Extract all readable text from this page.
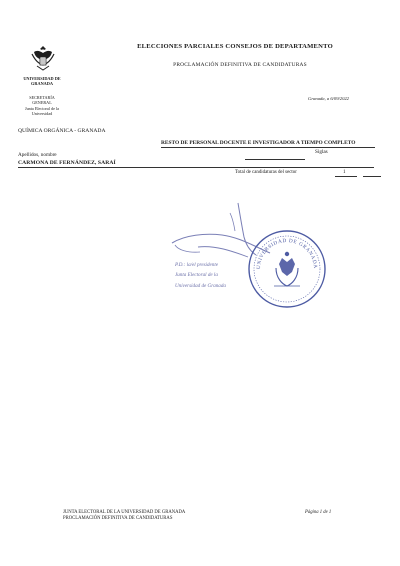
ELECCIONES PARCIALES CONSEJOS DE DEPARTAMENTO
PROCLAMACIÓN DEFINITIVA DE CANDIDATURAS
UNIVERSIDAD DE GRANADA
SECRETARÍA
GENERAL
Junta Electoral de la
Universidad
Granada, a 6/09/2022
QUÍMICA ORGÁNICA - GRANADA
RESTO DE PERSONAL DOCENTE E INVESTIGADOR A TIEMPO COMPLETO
Apellidos, nombre	Siglas
CARMONA DE FERNÁNDEZ, SARAÍ
Total de candidaturas del sector	1
P.D.: la/el presidente
Junta Electoral de la
Universidad de Granada
UNIVERSIDAD DE GRANADA
JUNTA ELECTORAL DE LA UNIVERSIDAD DE GRANADA
PROCLAMACIÓN DEFINITIVA DE CANDIDATURAS
Página 1 de 1
